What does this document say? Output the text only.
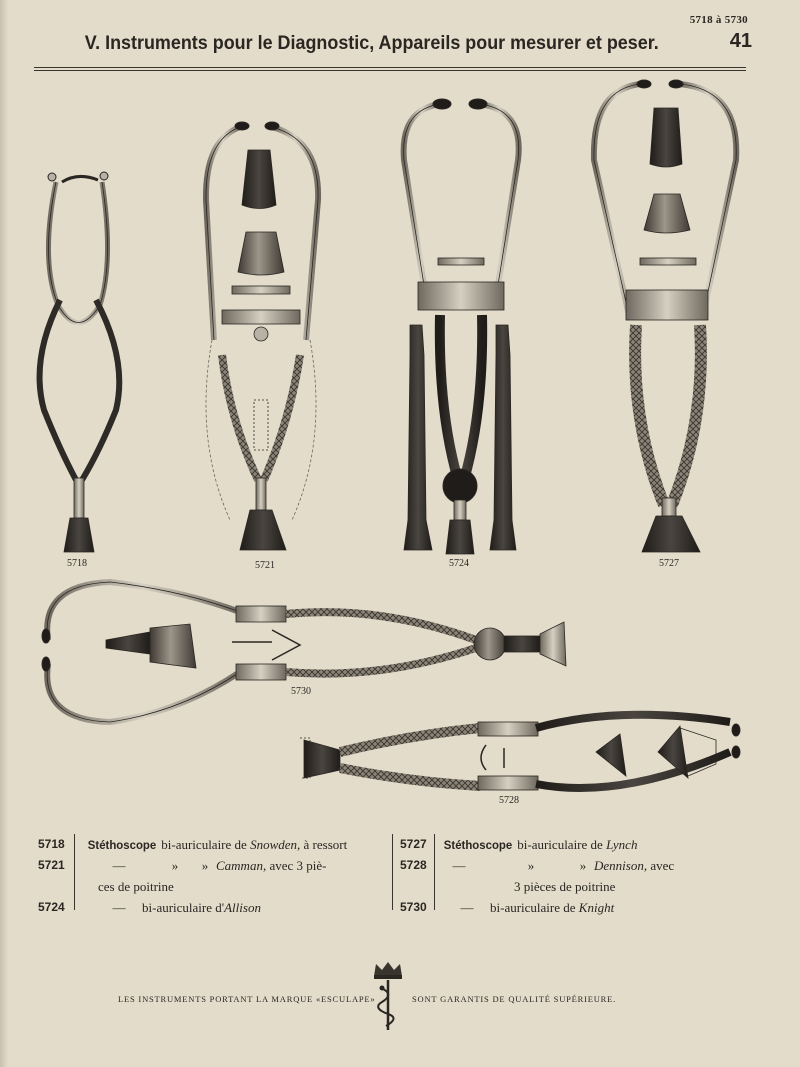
5718 à 5730
V. Instruments pour le Diagnostic, Appareils pour mesurer et peser.	41
5718	5721	5724	5727
5730
5728
5718	Stéthoscope bi-auriculaire de Snowden, à ressort
5721	—	» » Camman, avec 3 piè-
ces de poitrine
5724	— bi-auriculaire d'Allison
5727	Stéthoscope bi-auriculaire de Lynch
5728	—	»	» Dennison, avec
3 pièces de poitrine
5730	— bi-auriculaire de Knight
LES INSTRUMENTS PORTANT LA MARQUE «ESCULAPE»	SONT GARANTIS DE QUALITÉ SUPÉRIEURE.
